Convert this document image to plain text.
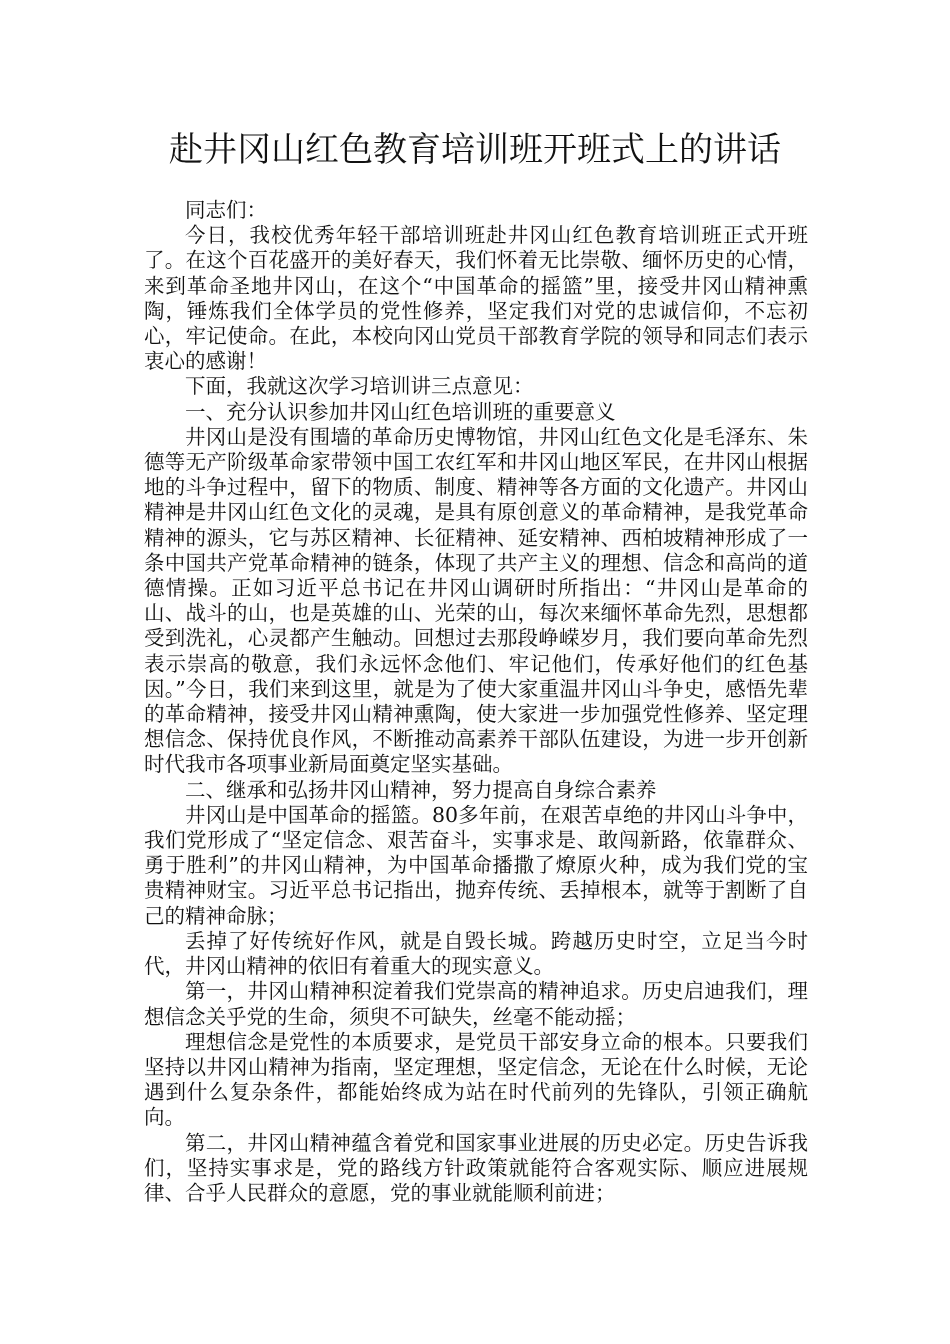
赴井冈山红色教育培训班开班式上的讲话

同志们：

今日，我校优秀年轻干部培训班赴井冈山红色教育培训班正式开班了。在这个百花盛开的美好春天，我们怀着无比崇敬、缅怀历史的心情，来到革命圣地井冈山，在这个“中国革命的摇篮”里，接受井冈山精神熏陶，锤炼我们全体学员的党性修养，坚定我们对党的忠诚信仰，不忘初心，牢记使命。在此，本校向冈山党员干部教育学院的领导和同志们表示衷心的感谢！

下面，我就这次学习培训讲三点意见：

一、充分认识参加井冈山红色培训班的重要意义

井冈山是没有围墙的革命历史博物馆，井冈山红色文化是毛泽东、朱德等无产阶级革命家带领中国工农红军和井冈山地区军民，在井冈山根据地的斗争过程中，留下的物质、制度、精神等各方面的文化遗产。井冈山精神是井冈山红色文化的灵魂，是具有原创意义的革命精神，是我党革命精神的源头，它与苏区精神、长征精神、延安精神、西柏坡精神形成了一条中国共产党革命精神的链条，体现了共产主义的理想、信念和高尚的道德情操。正如习近平总书记在井冈山调研时所指出：“井冈山是革命的山、战斗的山，也是英雄的山、光荣的山，每次来缅怀革命先烈，思想都受到洗礼，心灵都产生触动。回想过去那段峥嵘岁月，我们要向革命先烈表示崇高的敬意，我们永远怀念他们、牢记他们，传承好他们的红色基因。”今日，我们来到这里，就是为了使大家重温井冈山斗争史，感悟先辈的革命精神，接受井冈山精神熏陶，使大家进一步加强党性修养、坚定理想信念、保持优良作风，不断推动高素养干部队伍建设，为进一步开创新时代我市各项事业新局面奠定坚实基础。

二、继承和弘扬井冈山精神，努力提高自身综合素养

井冈山是中国革命的摇篮。80多年前，在艰苦卓绝的井冈山斗争中，我们党形成了“坚定信念、艰苦奋斗，实事求是、敢闯新路，依靠群众、勇于胜利”的井冈山精神，为中国革命播撒了燎原火种，成为我们党的宝贵精神财宝。习近平总书记指出，抛弃传统、丢掉根本，就等于割断了自己的精神命脉；

丢掉了好传统好作风，就是自毁长城。跨越历史时空，立足当今时代，井冈山精神的依旧有着重大的现实意义。

第一，井冈山精神积淀着我们党崇高的精神追求。历史启迪我们，理想信念关乎党的生命，须臾不可缺失，丝毫不能动摇；

理想信念是党性的本质要求，是党员干部安身立命的根本。只要我们坚持以井冈山精神为指南，坚定理想，坚定信念，无论在什么时候，无论遇到什么复杂条件，都能始终成为站在时代前列的先锋队，引领正确航向。

第二，井冈山精神蕴含着党和国家事业进展的历史必定。历史告诉我们，坚持实事求是，党的路线方针政策就能符合客观实际、顺应进展规律、合乎人民群众的意愿，党的事业就能顺利前进；
